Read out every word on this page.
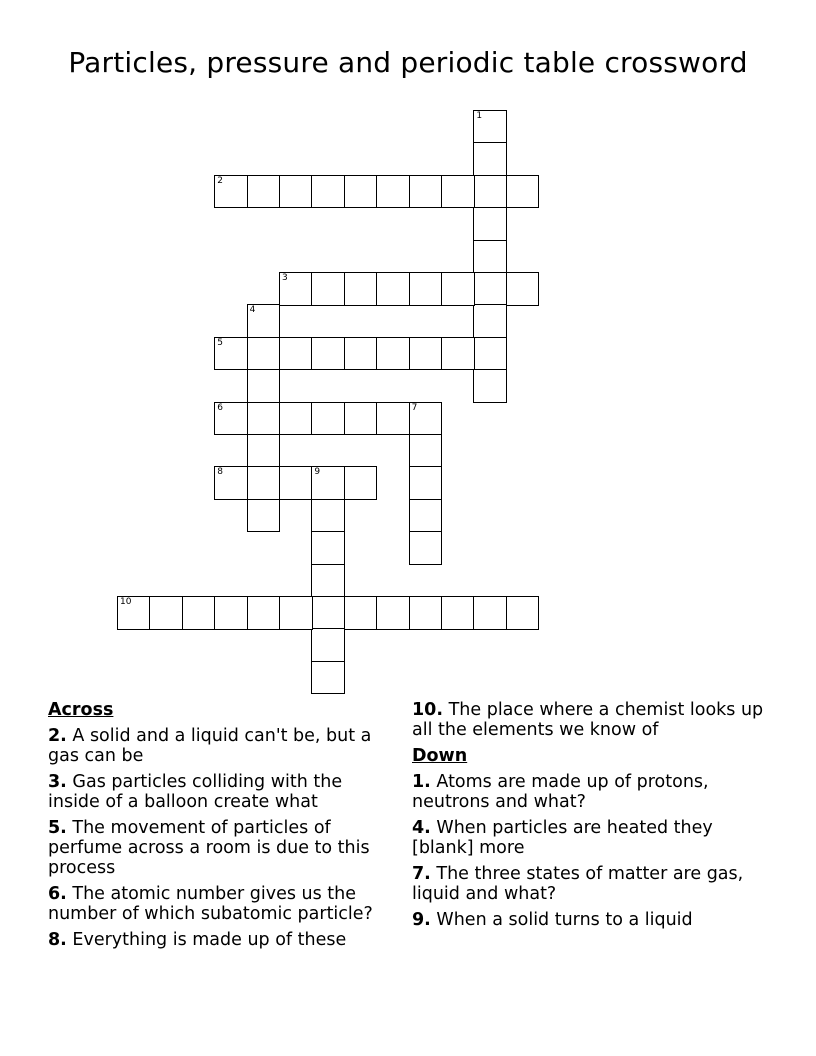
Particles, pressure and periodic table crossword
1
2
3
4
5
6	7
8	9
10
Across
2. A solid and a liquid can't be, but a gas can be
3. Gas particles colliding with the inside of a balloon create what
5. The movement of particles of perfume across a room is due to this process
6. The atomic number gives us the number of which subatomic particle?
8. Everything is made up of these
10. The place where a chemist looks up all the elements we know of
Down
1. Atoms are made up of protons, neutrons and what?
4. When particles are heated they [blank] more
7. The three states of matter are gas, liquid and what?
9. When a solid turns to a liquid
